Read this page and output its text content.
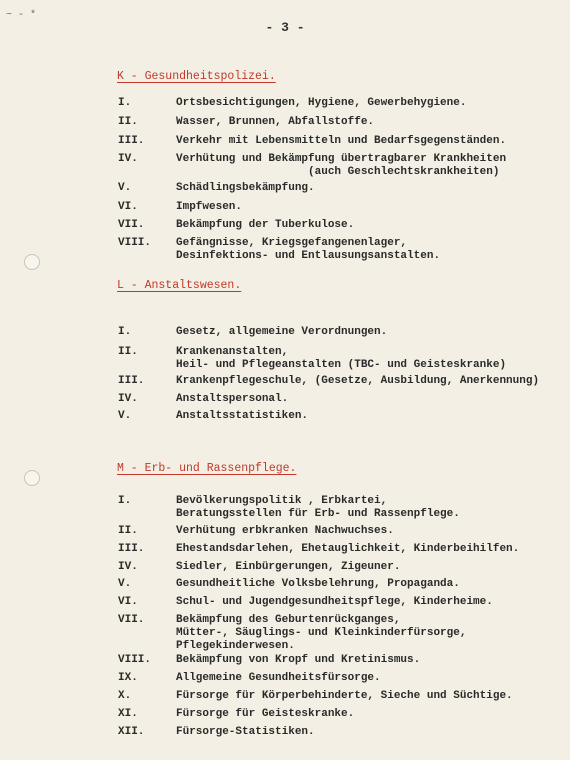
~ - *
- 3 -
K - Gesundheitspolizei.
I.	Ortsbesichtigungen, Hygiene, Gewerbehygiene.
II.	Wasser, Brunnen, Abfallstoffe.
III.	Verkehr mit Lebensmitteln und Bedarfsgegenständen.
IV.	Verhütung und Bekämpfung übertragbarer Krankheiten
(auch Geschlechtskrankheiten)
V.	Schädlingsbekämpfung.
VI.	Impfwesen.
VII.	Bekämpfung der Tuberkulose.
VIII.	Gefängnisse, Kriegsgefangenenlager,
Desinfektions- und Entlausungsanstalten.
L - Anstaltswesen.
I.	Gesetz, allgemeine Verordnungen.
II.	Krankenanstalten,
Heil- und Pflegeanstalten (TBC- und Geisteskranke)
III.	Krankenpflegeschule, (Gesetze, Ausbildung, Anerkennung)
IV.	Anstaltspersonal.
V.	Anstaltsstatistiken.
M - Erb- und Rassenpflege.
I.	Bevölkerungspolitik , Erbkartei,
Beratungsstellen für Erb- und Rassenpflege.
II.	Verhütung erbkranken Nachwuchses.
III.	Ehestandsdarlehen, Ehetauglichkeit, Kinderbeihilfen.
IV.	Siedler, Einbürgerungen, Zigeuner.
V.	Gesundheitliche Volksbelehrung, Propaganda.
VI.	Schul- und Jugendgesundheitspflege, Kinderheime.
VII.	Bekämpfung des Geburtenrückganges,
Mütter-, Säuglings- und Kleinkinderfürsorge,
Pflegekinderwesen.
VIII.	Bekämpfung von Kropf und Kretinismus.
IX.	Allgemeine Gesundheitsfürsorge.
X.	Fürsorge für Körperbehinderte, Sieche und Süchtige.
XI.	Fürsorge für Geisteskranke.
XII.	Fürsorge-Statistiken.
